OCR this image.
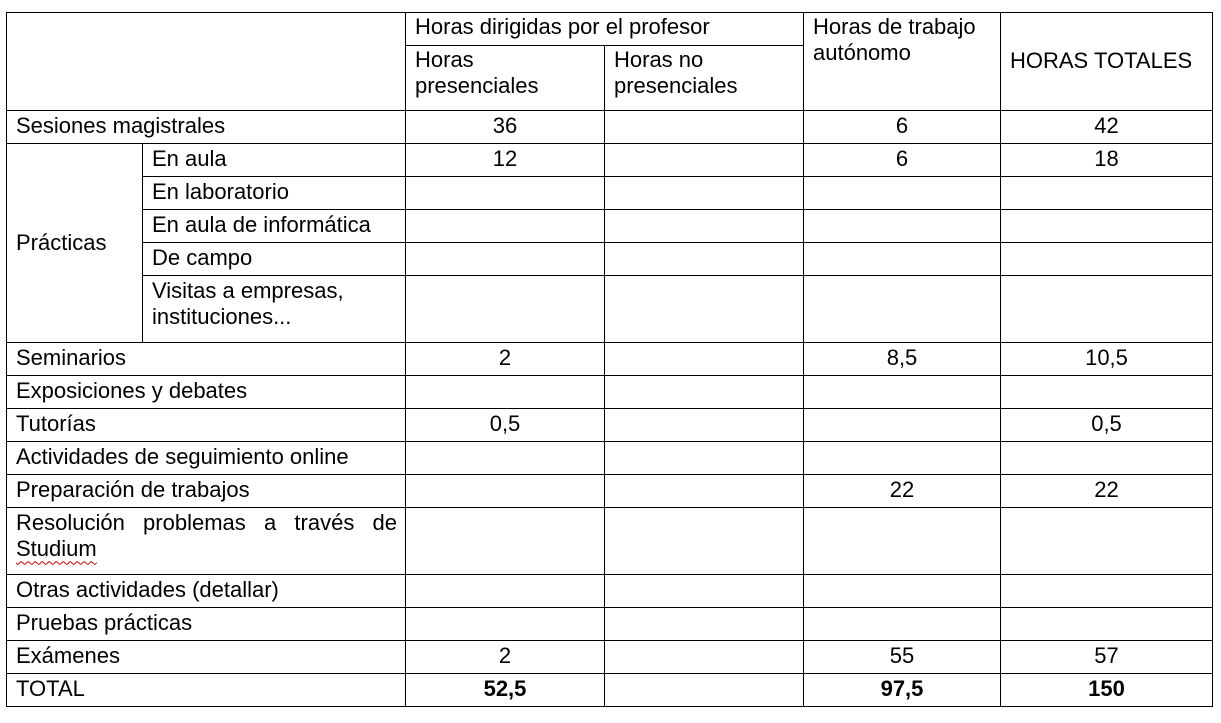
		Horas dirigidas por el profesor		Horas de trabajo autónomo	HORAS TOTALES
		Horas presenciales	Horas no presenciales		
Sesiones magistrales		36		6	42
Prácticas	En aula	12		6	18
	En laboratorio				
	En aula de informática				
	De campo				
	Visitas a empresas, instituciones...				
Seminarios		2		8,5	10,5
Exposiciones y debates					
Tutorías		0,5			0,5
Actividades de seguimiento online					
Preparación de trabajos				22	22
Resolución problemas a través de Studium					
Otras actividades (detallar)					
Pruebas prácticas					
Exámenes		2		55	57
TOTAL		52,5		97,5	150
